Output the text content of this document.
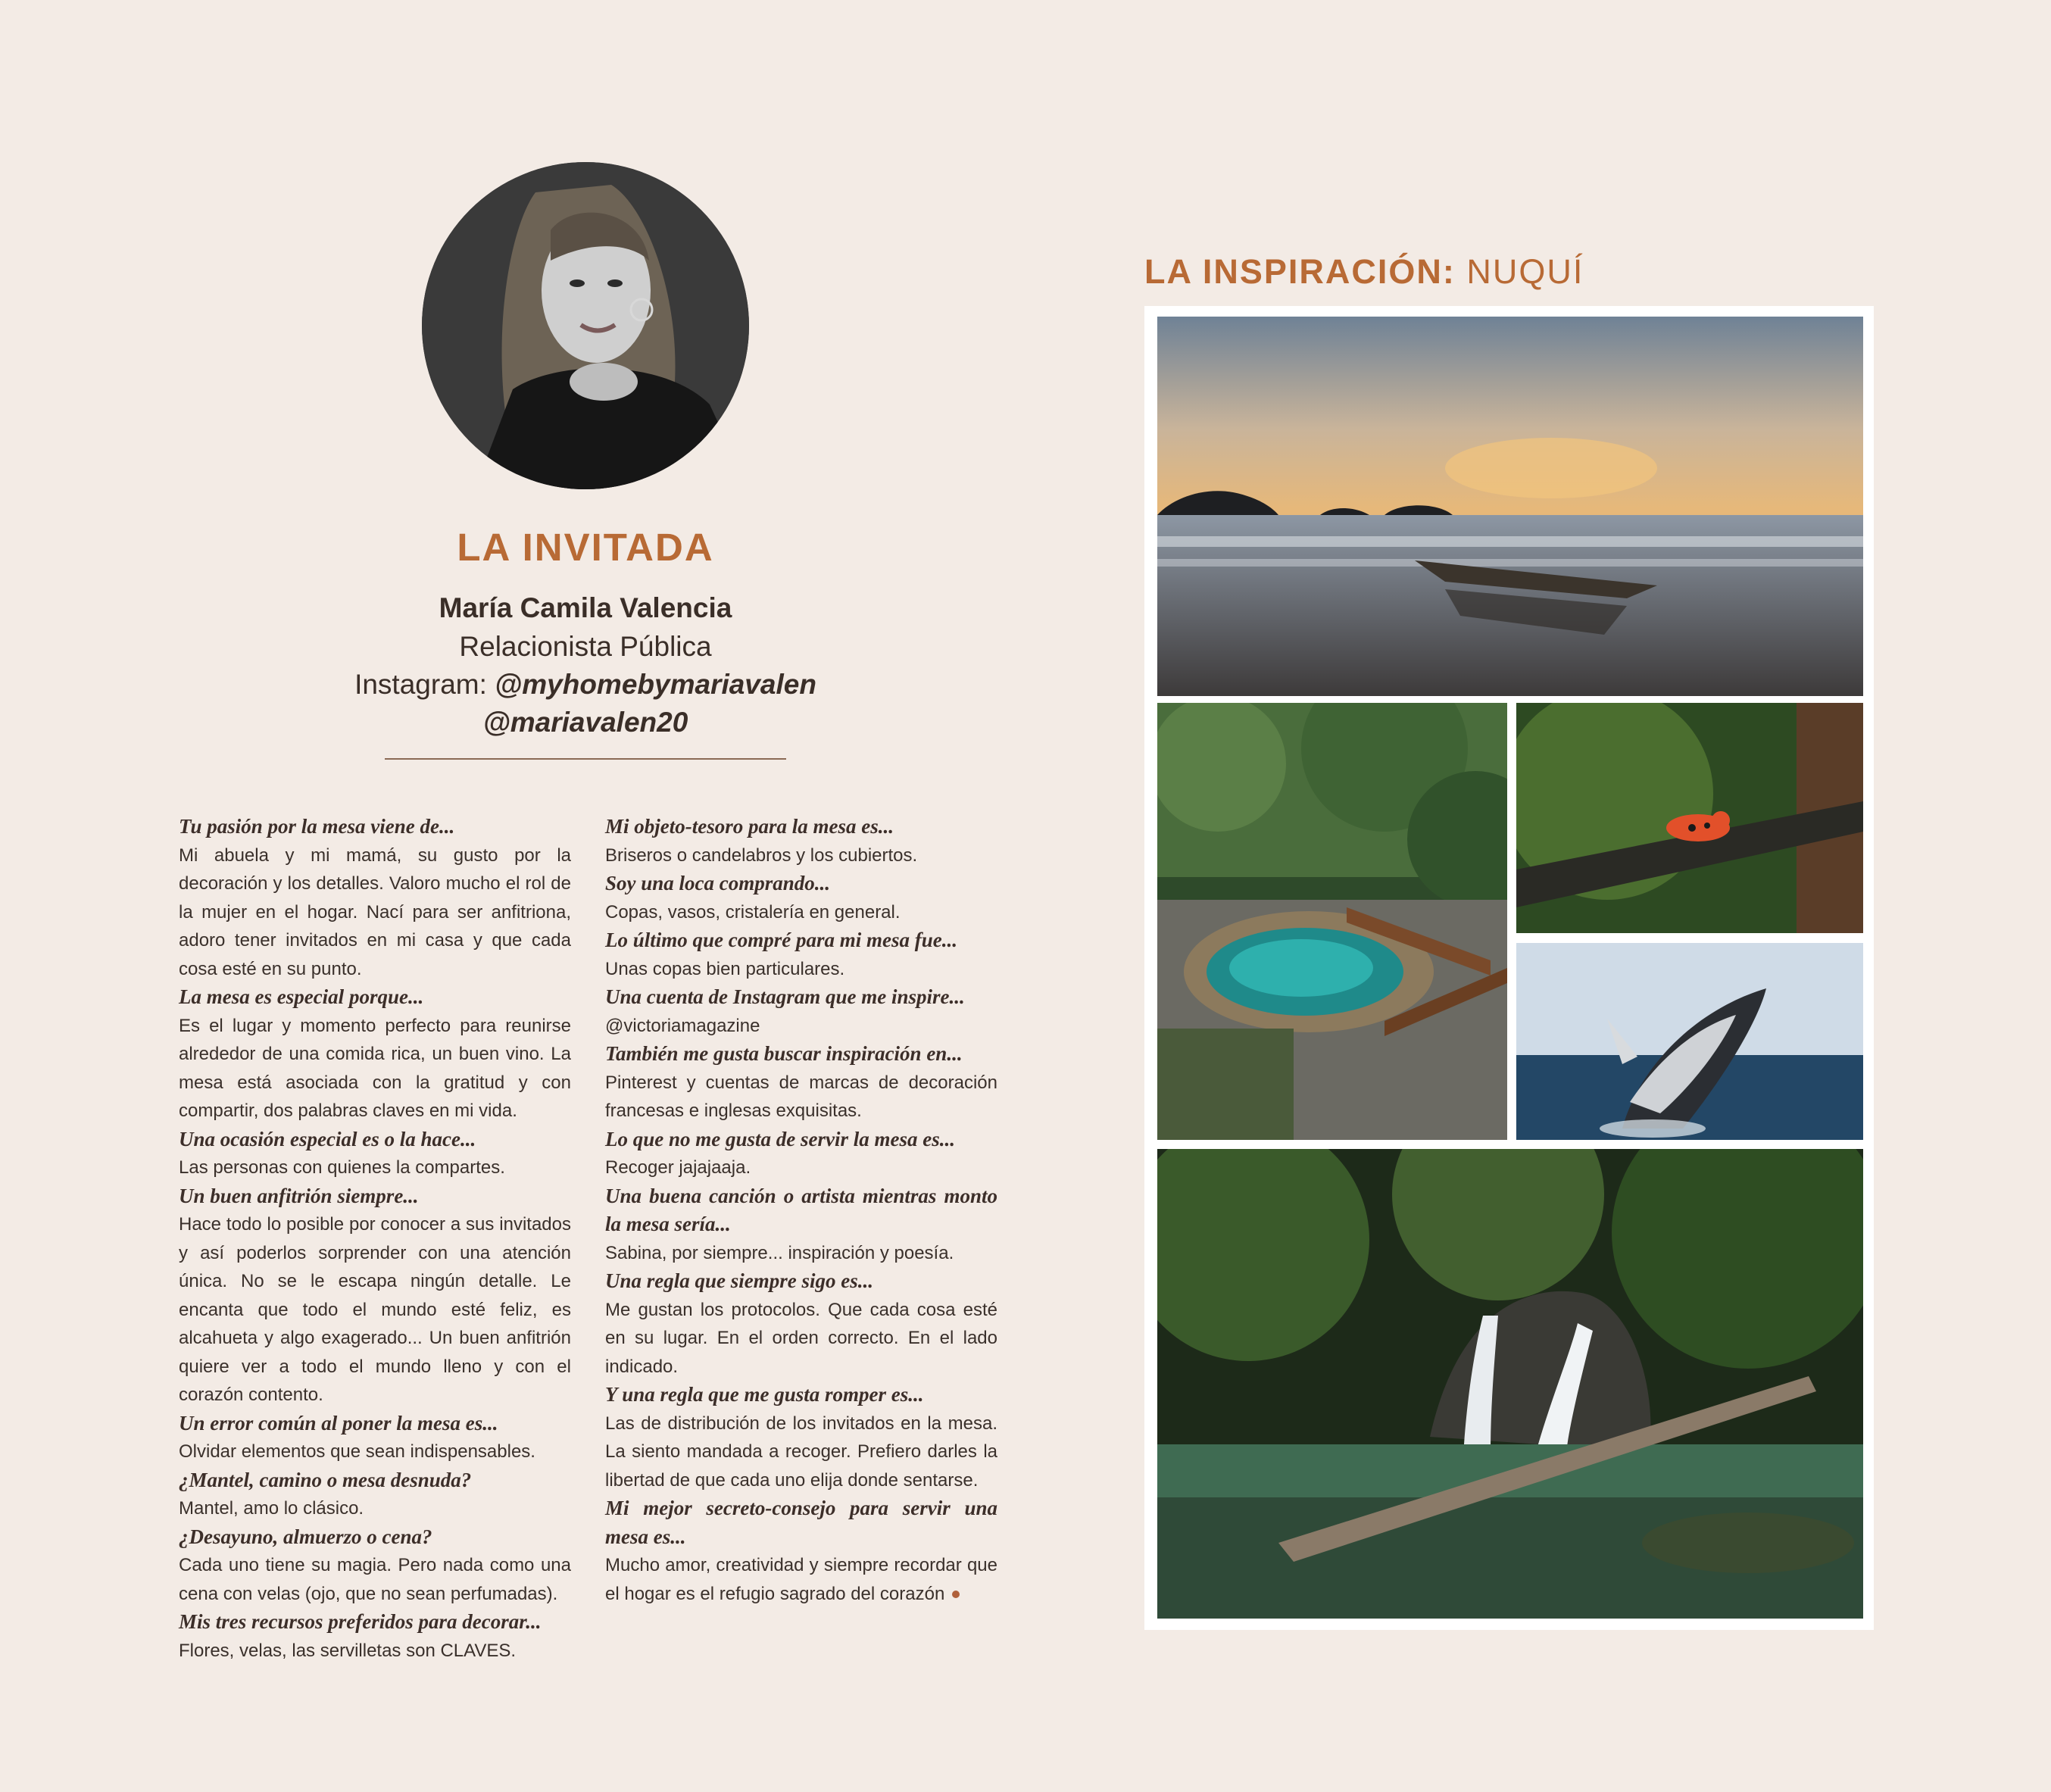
LA INVITADA
María Camila Valencia
Relacionista Pública
Instagram: @myhomebymariavalen
@mariavalen20

Tu pasión por la mesa viene de...

Mi abuela y mi mamá, su gusto por la decoración y los detalles. Valoro mucho el rol de la mujer en el hogar. Nací para ser anfitriona, adoro tener invitados en mi casa y que cada cosa esté en su punto.

La mesa es especial porque...

Es el lugar y momento perfecto para reunirse alrededor de una comida rica, un buen vino. La mesa está asociada con la gratitud y con compartir, dos palabras claves en mi vida.

Una ocasión especial es o la hace...

Las personas con quienes la compartes.

Un buen anfitrión siempre...

Hace todo lo posible por conocer a sus invitados y así poderlos sorprender con una atención única. No se le escapa ningún detalle. Le encanta que todo el mundo esté feliz, es alcahueta y algo exagerado... Un buen anfitrión quiere ver a todo el mundo lleno y con el corazón contento.

Un error común al poner la mesa es...

Olvidar elementos que sean indispensables.

¿Mantel, camino o mesa desnuda?

Mantel, amo lo clásico.

¿Desayuno, almuerzo o cena?

Cada uno tiene su magia. Pero nada como una cena con velas (ojo, que no sean perfumadas).

Mis tres recursos preferidos para decorar...

Flores, velas, las servilletas son CLAVES.

Mi objeto-tesoro para la mesa es...

Briseros o candelabros y los cubiertos.

Soy una loca comprando...

Copas, vasos, cristalería en general.

Lo último que compré para mi mesa fue...

Unas copas bien particulares.

Una cuenta de Instagram que me inspire...

@victoriamagazine

También me gusta buscar inspiración en...

Pinterest y cuentas de marcas de decoración francesas e inglesas exquisitas.

Lo que no me gusta de servir la mesa es...

Recoger jajajaaja.

Una buena canción o artista mientras monto la mesa sería...

Sabina, por siempre... inspiración y poesía.

Una regla que siempre sigo es...

Me gustan los protocolos. Que cada cosa esté en su lugar. En el orden correcto. En el lado indicado.

Y una regla que me gusta romper es...

Las de distribución de los invitados en la mesa. La siento mandada a recoger. Prefiero darles la libertad de que cada uno elija donde sentarse.

Mi mejor secreto-consejo para servir una mesa es...

Mucho amor, creatividad y siempre recordar que el hogar es el refugio sagrado del corazón

LA INSPIRACIÓN: NUQUÍ
